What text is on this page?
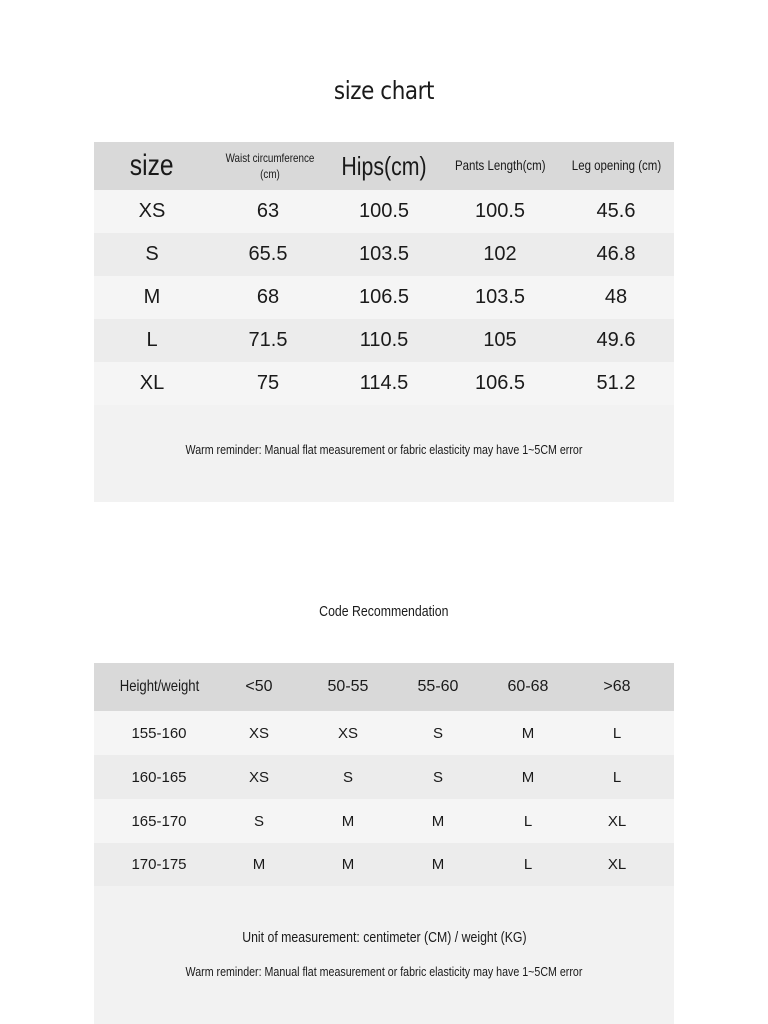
size chart
size	Waist circumference (cm)	Hips(cm)	Pants Length(cm)	Leg opening (cm)
XS	63	100.5	100.5	45.6
S	65.5	103.5	102	46.8
M	68	106.5	103.5	48
L	71.5	110.5	105	49.6
XL	75	114.5	106.5	51.2
Warm reminder: Manual flat measurement or fabric elasticity may have 1~5CM error
Code Recommendation
Height/weight	<50	50-55	55-60	60-68	>68
155-160	XS	XS	S	M	L
160-165	XS	S	S	M	L
165-170	S	M	M	L	XL
170-175	M	M	M	L	XL
Unit of measurement: centimeter (CM) / weight (KG)
Warm reminder: Manual flat measurement or fabric elasticity may have 1~5CM error
